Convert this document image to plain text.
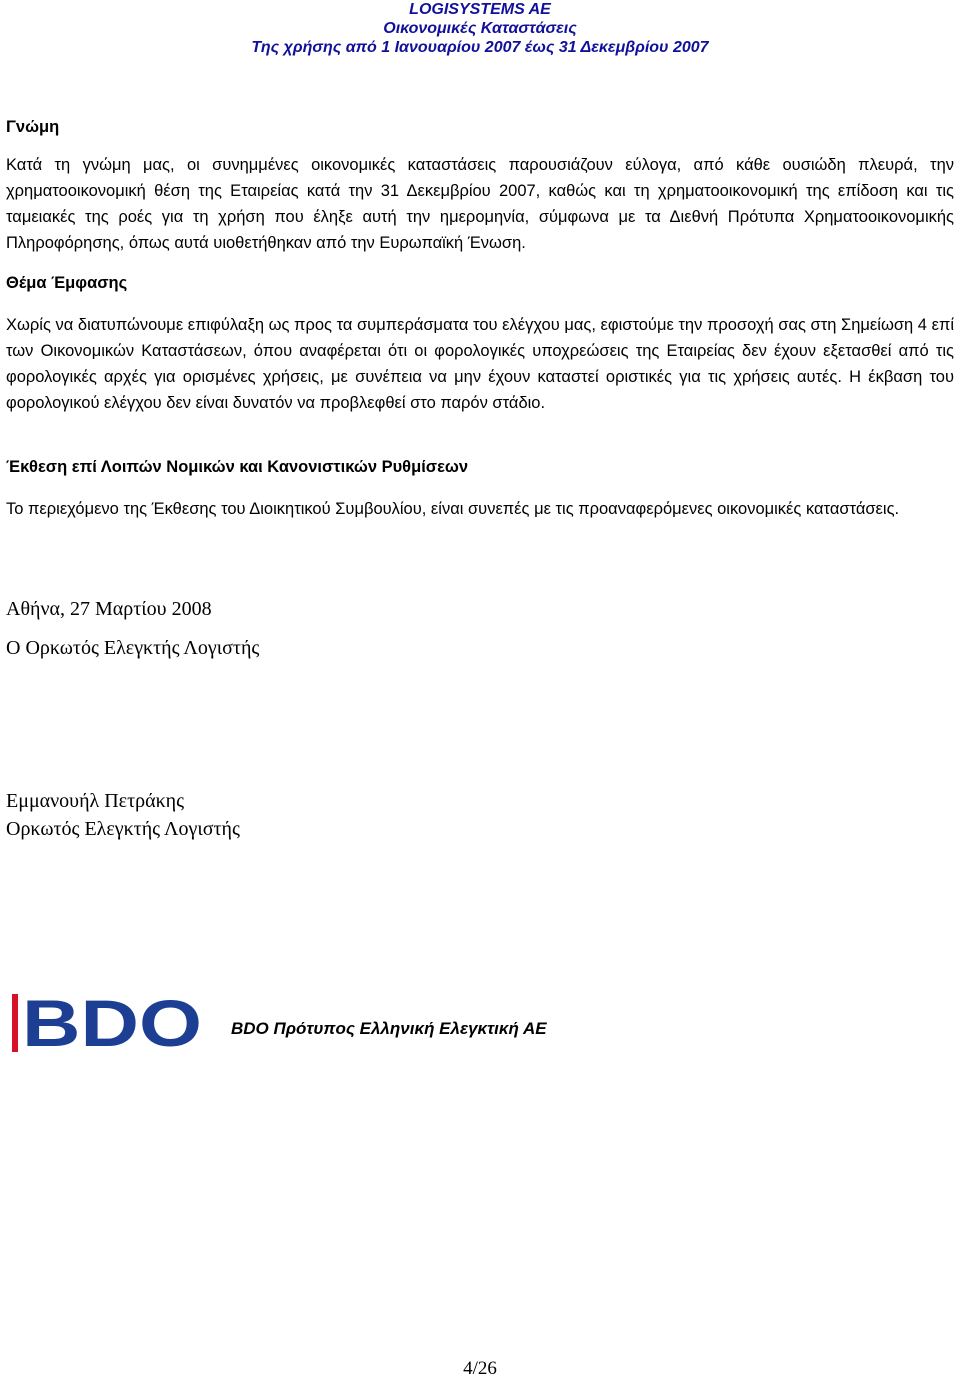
LOGISYSTEMS AE
Οικονομικές Καταστάσεις
Της χρήσης από 1 Ιανουαρίου 2007 έως 31 Δεκεμβρίου 2007
Γνώμη
Κατά τη γνώμη μας, οι συνημμένες οικονομικές καταστάσεις παρουσιάζουν εύλογα, από κάθε ουσιώδη πλευρά, την χρηματοοικονομική θέση της Εταιρείας κατά την 31 Δεκεμβρίου 2007, καθώς και τη χρηματοοικονομική της επίδοση και τις ταμειακές της ροές για τη χρήση που έληξε αυτή την ημερομηνία, σύμφωνα με τα Διεθνή Πρότυπα Χρηματοοικονομικής Πληροφόρησης, όπως αυτά υιοθετήθηκαν από την Ευρωπαϊκή Ένωση.
Θέμα Έμφασης
Χωρίς να διατυπώνουμε επιφύλαξη ως προς τα συμπεράσματα του ελέγχου μας, εφιστούμε την προσοχή σας στη Σημείωση 4 επί των Οικονομικών Καταστάσεων, όπου αναφέρεται ότι οι φορολογικές υποχρεώσεις της Εταιρείας δεν έχουν εξετασθεί από τις φορολογικές αρχές για ορισμένες χρήσεις, με συνέπεια να μην έχουν καταστεί οριστικές για τις χρήσεις αυτές. Η έκβαση του φορολογικού ελέγχου δεν είναι δυνατόν να προβλεφθεί στο παρόν στάδιο.
Έκθεση επί Λοιπών Νομικών και Κανονιστικών Ρυθμίσεων
Το περιεχόμενο της Έκθεσης του Διοικητικού Συμβουλίου, είναι συνεπές με τις προαναφερόμενες οικονομικές καταστάσεις.
Αθήνα, 27 Μαρτίου 2008
Ο Ορκωτός Ελεγκτής Λογιστής
Εμμανουήλ Πετράκης
Ορκωτός Ελεγκτής Λογιστής
BDO BDO Πρότυπος Ελληνική Ελεγκτική ΑΕ
4/26
